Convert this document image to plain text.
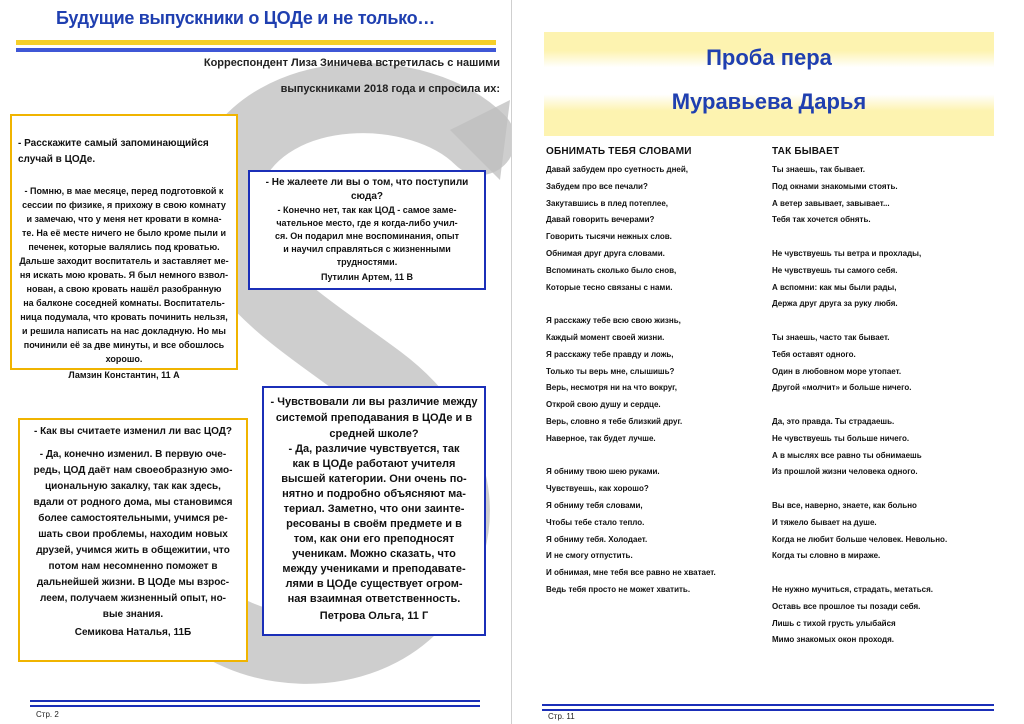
Будущие выпускники о ЦОДе и не только…
Корреспондент Лиза Зиничева встретилась с нашими
выпускниками 2018 года и спросила их:

- Расскажите самый запоминающийся случай в ЦОДе.

- Помню, в мае месяце, перед подготовкой к

сессии по физике, я прихожу в свою комнату

и замечаю, что у меня нет кровати в комна-

те. На её месте ничего не было кроме пыли и

печенек, которые валялись под кроватью.

Дальше заходит воспитатель и заставляет ме-

ня искать мою кровать. Я был немного взвол-

нован, а свою кровать нашёл разобранную

на балконе соседней комнаты. Воспитатель-

ница подумала, что кровать починить нельзя,

и решила написать на нас докладную. Но мы

починили её за две минуты, и все обошлось

хорошо.

Ламзин Константин, 11 А

- Не жалеете ли вы о том, что поступили сюда?

- Конечно нет, так как ЦОД - самое заме-

чательное место, где я когда-либо учил-

ся. Он подарил мне воспоминания, опыт

и научил справляться с жизненными

трудностями.

Путилин Артем, 11 В

- Как вы считаете изменил ли вас ЦОД?

- Да, конечно изменил. В первую оче-

редь, ЦОД даёт нам своеобразную эмо-

циональную закалку, так как здесь,

вдали от родного дома, мы становимся

более самостоятельными, учимся ре-

шать свои проблемы, находим новых

друзей, учимся жить в общежитии, что

потом нам несомненно поможет в

дальнейшей жизни. В ЦОДе мы взрос-

леем, получаем жизненный опыт, но-

вые знания.

Семикова Наталья, 11Б

- Чувствовали ли вы различие между системой преподавания в ЦОДе и в средней школе?

- Да, различие чувствуется, так

как в ЦОДе работают учителя

высшей категории. Они очень по-

нятно и подробно объясняют ма-

териал. Заметно, что они заинте-

ресованы в своём предмете и в

том, как они его преподносят

ученикам. Можно сказать, что

между учениками и преподавате-

лями в ЦОДе существует огром-

ная взаимная ответственность.

Петрова Ольга, 11 Г

Стр. 2
Проба пера
Муравьева Дарья

ОБНИМАТЬ ТЕБЯ СЛОВАМИ

Давай забудем про суетность дней,
Забудем про все печали?
Закутавшись в плед потеплее,
Давай говорить вечерами?
Говорить тысячи нежных слов.
Обнимая друг друга словами.
Вспоминать сколько было снов,
Которые тесно связаны с нами.
Я расскажу тебе всю свою жизнь,
Каждый момент своей жизни.
Я расскажу тебе правду и ложь,
Только ты верь мне, слышишь?
Верь, несмотря ни на что вокруг,
Открой свою душу и сердце.
Верь, словно я тебе близкий друг.
Наверное, так будет лучше.
Я обниму твою шею руками.
Чувствуешь, как хорошо?
Я обниму тебя словами,
Чтобы тебе стало тепло.
Я обниму тебя. Холодает.
И не смогу отпустить.
И обнимая, мне тебя все равно не хватает.
Ведь тебя просто не может хватить.

ТАК БЫВАЕТ

Ты знаешь, так бывает.
Под окнами знакомыми стоять.
А ветер завывает, завывает...
Тебя так хочется обнять.
Не чувствуешь ты ветра и прохлады,
Не чувствуешь ты самого себя.
А вспомни: как мы были рады,
Держа друг друга за руку любя.
Ты знаешь, часто так бывает.
Тебя оставят одного.
Один в любовном море утопает.
Другой «молчит» и больше ничего.
Да, это правда. Ты страдаешь.
Не чувствуешь ты больше ничего.
А в мыслях все равно ты обнимаешь
Из прошлой жизни человека одного.
Вы все, наверно, знаете, как больно
И тяжело бывает на душе.
Когда не любит больше человек. Невольно.
Когда ты словно в мираже.
Не нужно мучиться, страдать, метаться.
Оставь все прошлое ты позади себя.
Лишь с тихой грусть улыбайся
Мимо знакомых окон проходя.
Стр. 11
